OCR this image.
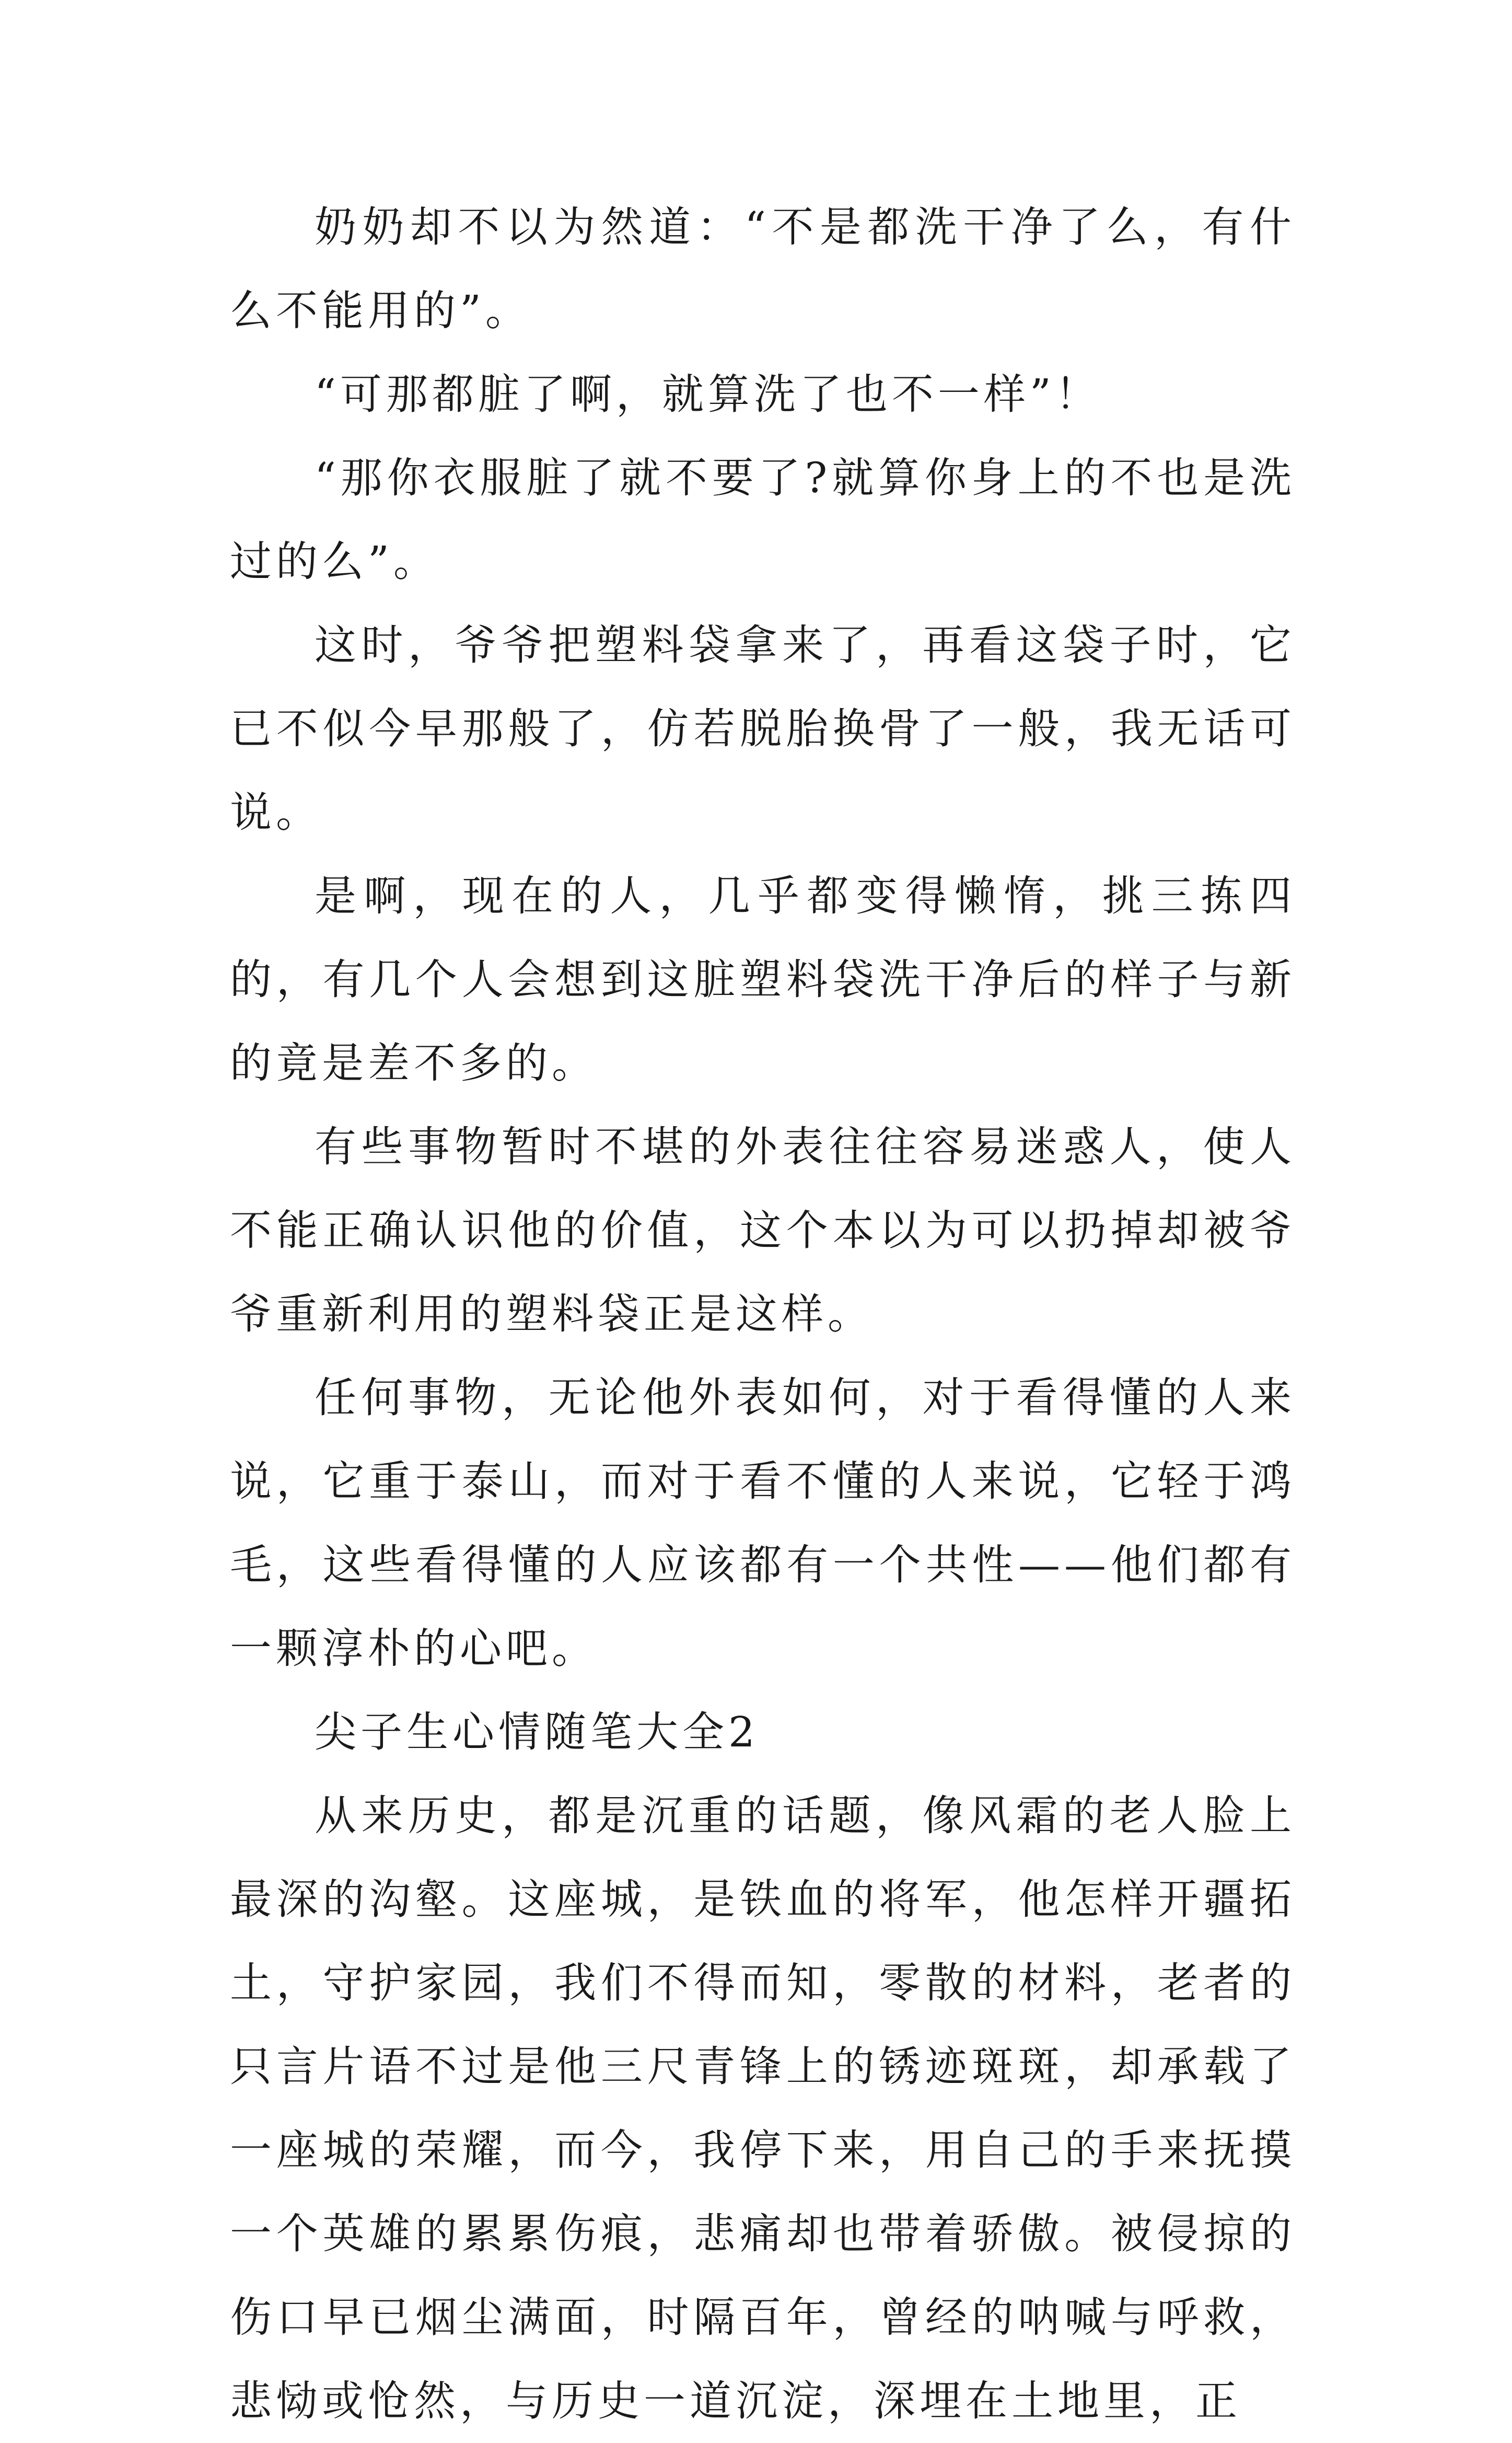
奶奶却不以为然道：“不是都洗干净了么，有什么不能用的”。

“可那都脏了啊，就算洗了也不一样”！

“那你衣服脏了就不要了?就算你身上的不也是洗过的么”。

这时，爷爷把塑料袋拿来了，再看这袋子时，它已不似今早那般了，仿若脱胎换骨了一般，我无话可说。

是啊，现在的人，几乎都变得懒惰，挑三拣四的，有几个人会想到这脏塑料袋洗干净后的样子与新的竟是差不多的。

有些事物暂时不堪的外表往往容易迷惑人，使人不能正确认识他的价值，这个本以为可以扔掉却被爷爷重新利用的塑料袋正是这样。

任何事物，无论他外表如何，对于看得懂的人来说，它重于泰山，而对于看不懂的人来说，它轻于鸿毛，这些看得懂的人应该都有一个共性——他们都有一颗淳朴的心吧。

尖子生心情随笔大全2

从来历史，都是沉重的话题，像风霜的老人脸上最深的沟壑。这座城，是铁血的将军，他怎样开疆拓土，守护家园，我们不得而知，零散的材料，老者的只言片语不过是他三尺青锋上的锈迹斑斑，却承载了一座城的荣耀，而今，我停下来，用自己的手来抚摸一个英雄的累累伤痕，悲痛却也带着骄傲。被侵掠的伤口早已烟尘满面，时隔百年，曾经的呐喊与呼救，悲恸或怆然，与历史一道沉淀，深埋在土地里，正
